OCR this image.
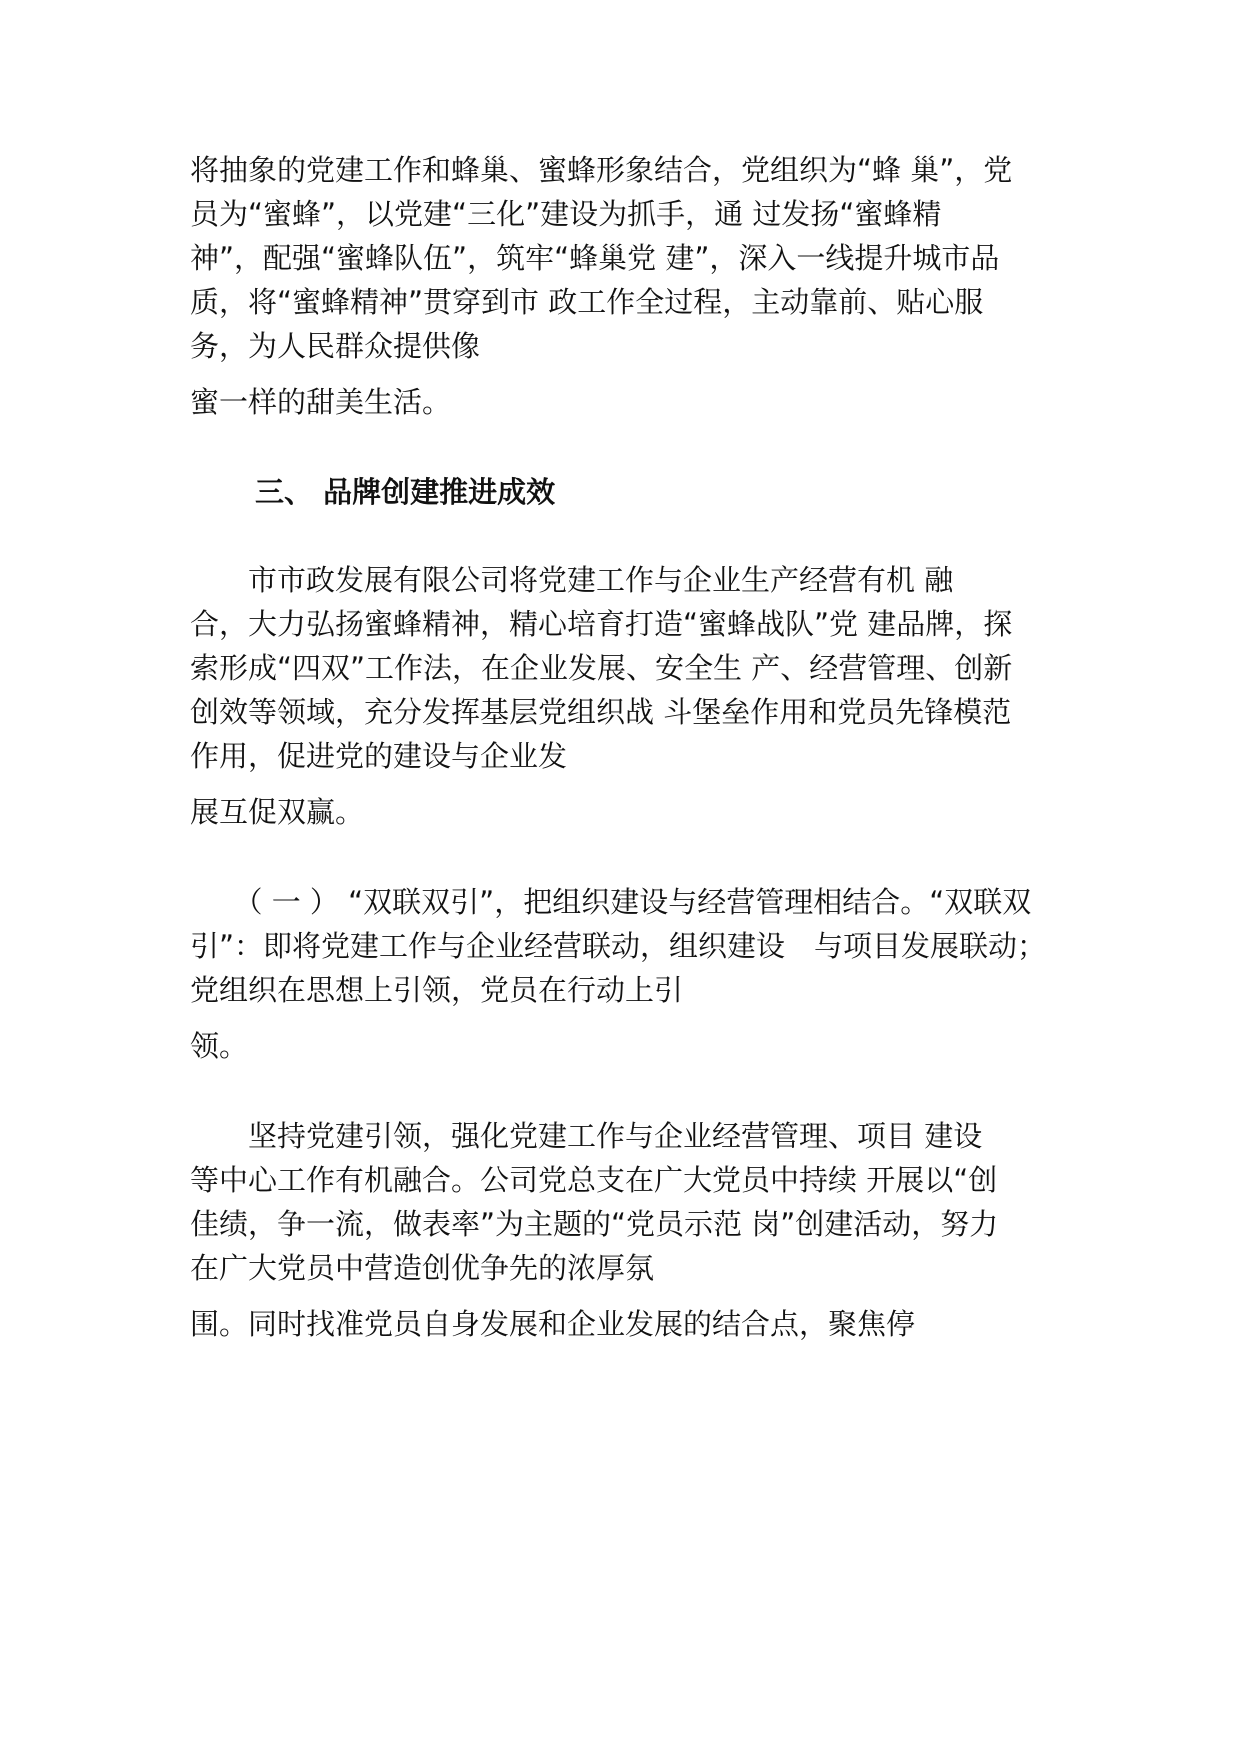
将抽象的党建工作和蜂巢、蜜蜂形象结合，党组织为“蜂 巢”，党
员为“蜜蜂”，以党建“三化”建设为抓手，通 过发扬“蜜蜂精
神”，配强“蜜蜂队伍”，筑牢“蜂巢党 建”，深入一线提升城市品
质，将“蜜蜂精神”贯穿到市 政工作全过程，主动靠前、贴心服
务，为人民群众提供像
蜜一样的甜美生活。
三、 品牌创建推进成效
　　市市政发展有限公司将党建工作与企业生产经营有机 融
合，大力弘扬蜜蜂精神，精心培育打造“蜜蜂战队”党 建品牌，探
索形成“四双”工作法，在企业发展、安全生 产、经营管理、创新
创效等领域，充分发挥基层党组织战 斗堡垒作用和党员先锋模范
作用，促进党的建设与企业发
展互促双赢。
　　（ 一 ） “双联双引”，把组织建设与经营管理相结合。“双联双
引”：即将党建工作与企业经营联动，组织建设　与项目发展联动；
党组织在思想上引领，党员在行动上引
领。
　　坚持党建引领，强化党建工作与企业经营管理、项目 建设
等中心工作有机融合。公司党总支在广大党员中持续 开展以“创
佳绩，争一流，做表率”为主题的“党员示范 岗”创建活动，努力
在广大党员中营造创优争先的浓厚氛
围。同时找准党员自身发展和企业发展的结合点，聚焦停
